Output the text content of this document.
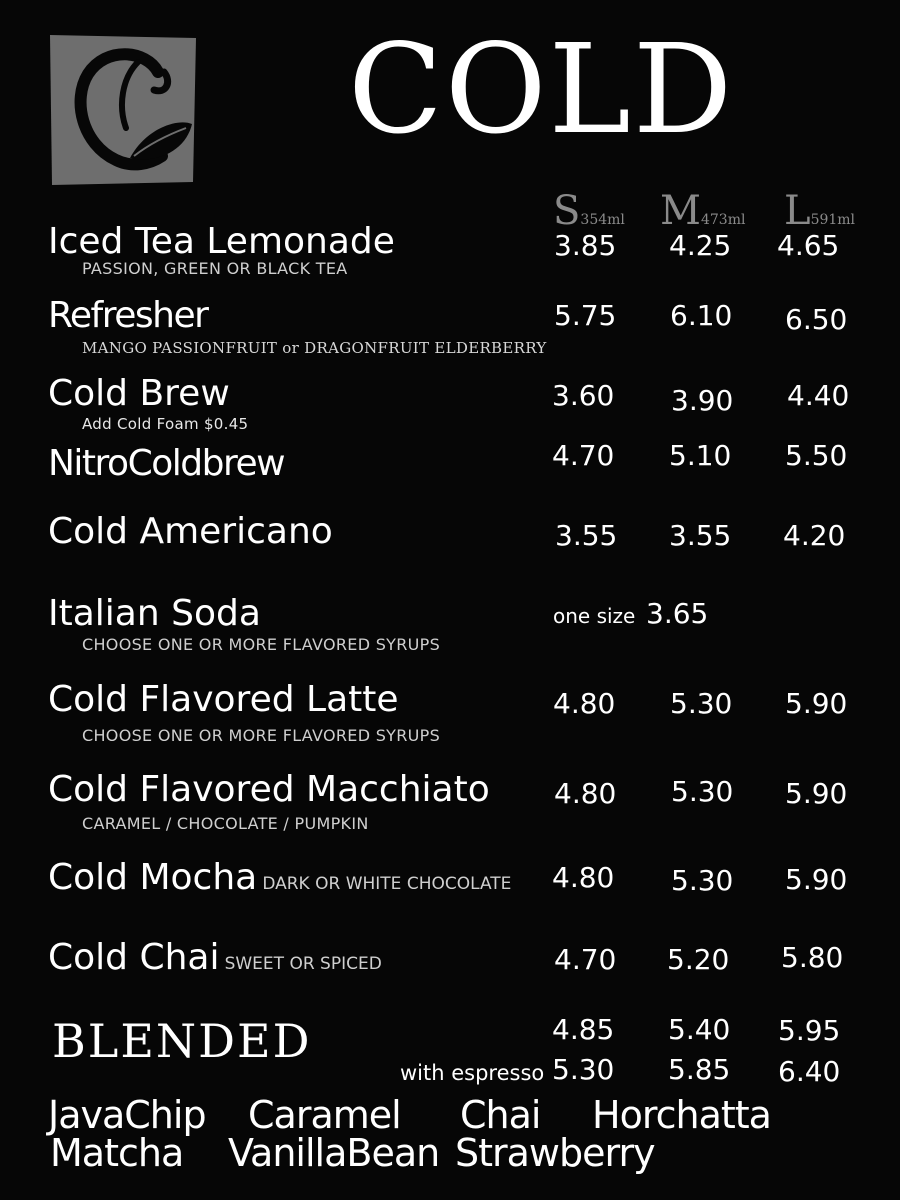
COLD
S354ml M473ml L591ml
Iced Tea Lemonade
PASSION, GREEN OR BLACK TEA
3.85 4.25 4.65
Refresher
MANGO PASSIONFRUIT or DRAGONFRUIT ELDERBERRY
5.75 6.10 6.50
Cold Brew
Add Cold Foam $0.45
3.60 3.90 4.40
NitroColdbrew	4.70 5.10 5.50
Cold Americano	3.55 3.55 4.20
Italian Soda
CHOOSE ONE OR MORE FLAVORED SYRUPS
one size 3.65
Cold Flavored Latte
CHOOSE ONE OR MORE FLAVORED SYRUPS
4.80 5.30 5.90
Cold Flavored Macchiato
CARAMEL / CHOCOLATE / PUMPKIN
4.80 5.30 5.90
Cold Mocha DARK OR WHITE CHOCOLATE 4.80 5.30 5.90
Cold Chai SWEET OR SPICED	4.70 5.20 5.80
BLENDED	4.85 5.40 5.95
with espresso 5.30 5.85 6.40
JavaChip Caramel Chai Horchatta
Matcha VanillaBean Strawberry
